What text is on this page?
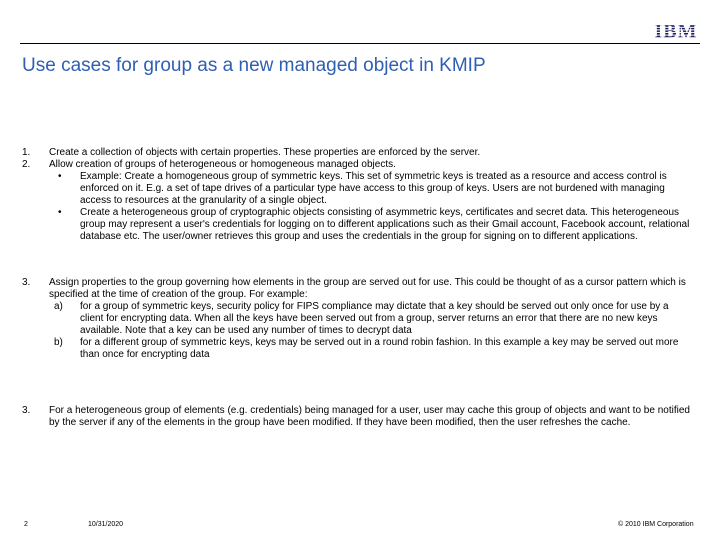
IBM
Use cases for group as a new managed object in KMIP
1. Create a collection of objects with certain properties. These properties are enforced by the server.
2. Allow creation of groups of heterogeneous or homogeneous managed objects.
• Example: Create a homogeneous group of symmetric keys. This set of symmetric keys is treated as a resource and access control is enforced on it. E.g. a set of tape drives of a particular type have access to this group of keys. Users are not burdened with managing access to resources at the granularity of a single object.
• Create a heterogeneous group of cryptographic objects consisting of asymmetric keys, certificates and secret data. This heterogeneous group may represent a user's credentials for logging on to different applications such as their Gmail account, Facebook account, relational database etc. The user/owner retrieves this group and uses the credentials in the group for signing on to different applications.
3. Assign properties to the group governing how elements in the group are served out for use. This could be thought of as a cursor pattern which is specified at the time of creation of the group. For example:
a) for a group of symmetric keys, security policy for FIPS compliance may dictate that a key should be served out only once for use by a client for encrypting data. When all the keys have been served out from a group, server returns an error that there are no new keys available. Note that a key can be used any number of times to decrypt data
b) for a different group of symmetric keys, keys may be served out in a round robin fashion. In this example a key may be served out more than once for encrypting data
3. For a heterogeneous group of elements (e.g. credentials) being managed for a user, user may cache this group of objects and want to be notified by the server if any of the elements in the group have been modified. If they have been modified, then the user refreshes the cache.
2	10/31/2020	© 2010 IBM Corporation
